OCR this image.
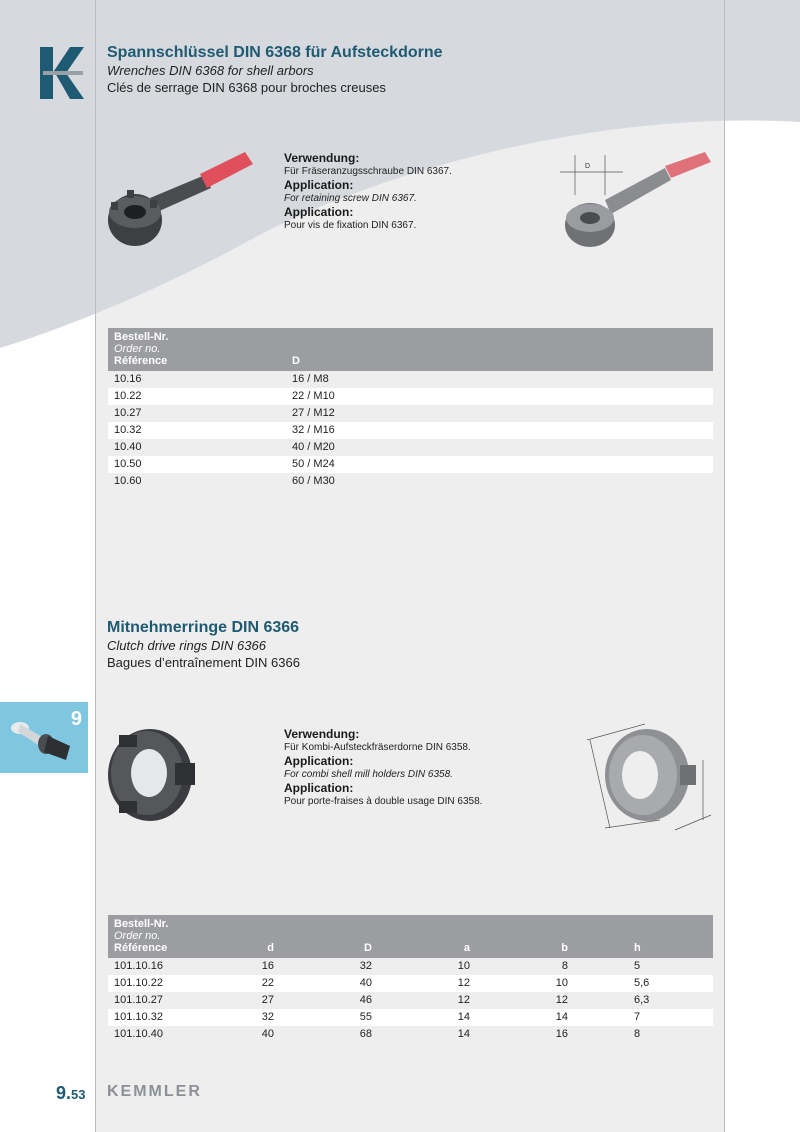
Spannschlüssel DIN 6368 für Aufsteckdorne
Wrenches DIN 6368 for shell arbors
Clés de serrage DIN 6368 pour broches creuses
D
Verwendung:
Für Fräseranzugsschraube DIN 6367.
Application:
For retaining screw DIN 6367.
Application:
Pour vis de fixation DIN 6367.
Bestell-Nr.
Order no.
Référence	D
10.16	16 / M8
10.22	22 / M10
10.27	27 / M12
10.32	32 / M16
10.40	40 / M20
10.50	50 / M24
10.60	60 / M30
Mitnehmerringe DIN 6366
Clutch drive rings DIN 6366
Bagues d’entraînement DIN 6366
9
Verwendung:
Für Kombi-Aufsteckfräserdorne DIN 6358.
Application:
For combi shell mill holders DIN 6358.
Application:
Pour porte-fraises à double usage DIN 6358.
Bestell-Nr.
Order no.
Référence	d	D	a	b	h
101.10.16	16	32	10	8	5
101.10.22	22	40	12	10	5,6
101.10.27	27	46	12	12	6,3
101.10.32	32	55	14	14	7
101.10.40	40	68	14	16	8
9.53 KEMMLER
